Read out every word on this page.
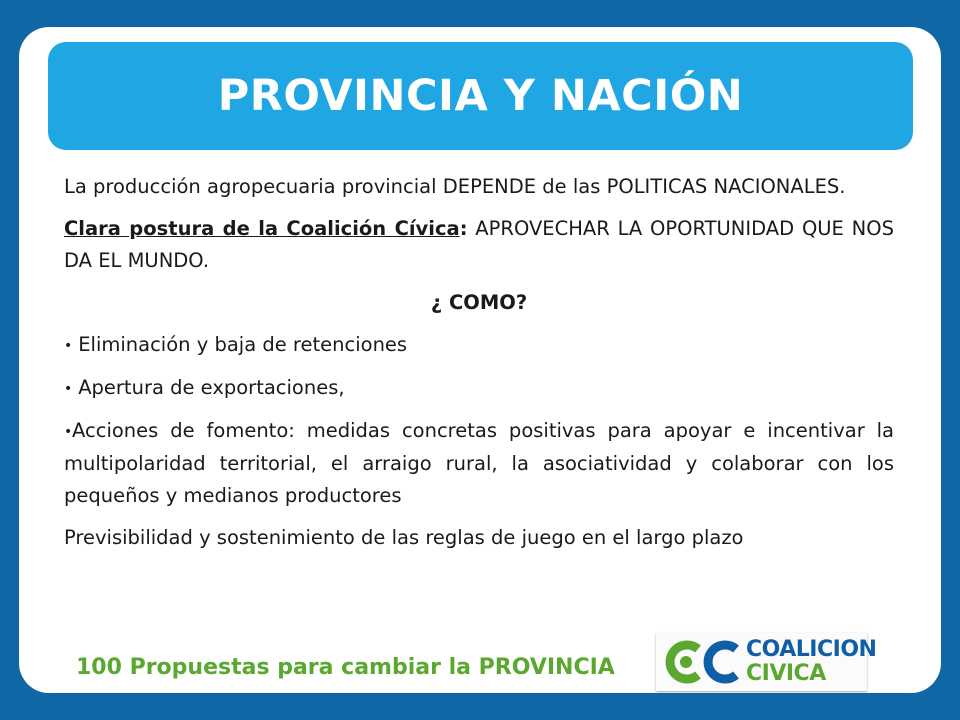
PROVINCIA Y NACIÓN

La producción agropecuaria provincial DEPENDE de las POLITICAS NACIONALES.

Clara postura de la Coalición Cívica: APROVECHAR LA OPORTUNIDAD QUE NOS DA EL MUNDO.

¿ COMO?

• Eliminación y baja de retenciones

• Apertura de exportaciones,

•Acciones de fomento: medidas concretas positivas para apoyar e incentivar la multipolaridad territorial, el arraigo rural, la asociatividad y colaborar con los pequeños y medianos productores

Previsibilidad y sostenimiento de las reglas de juego en el largo plazo

100 Propuestas para cambiar la PROVINCIA
COALICION
CIVICA
